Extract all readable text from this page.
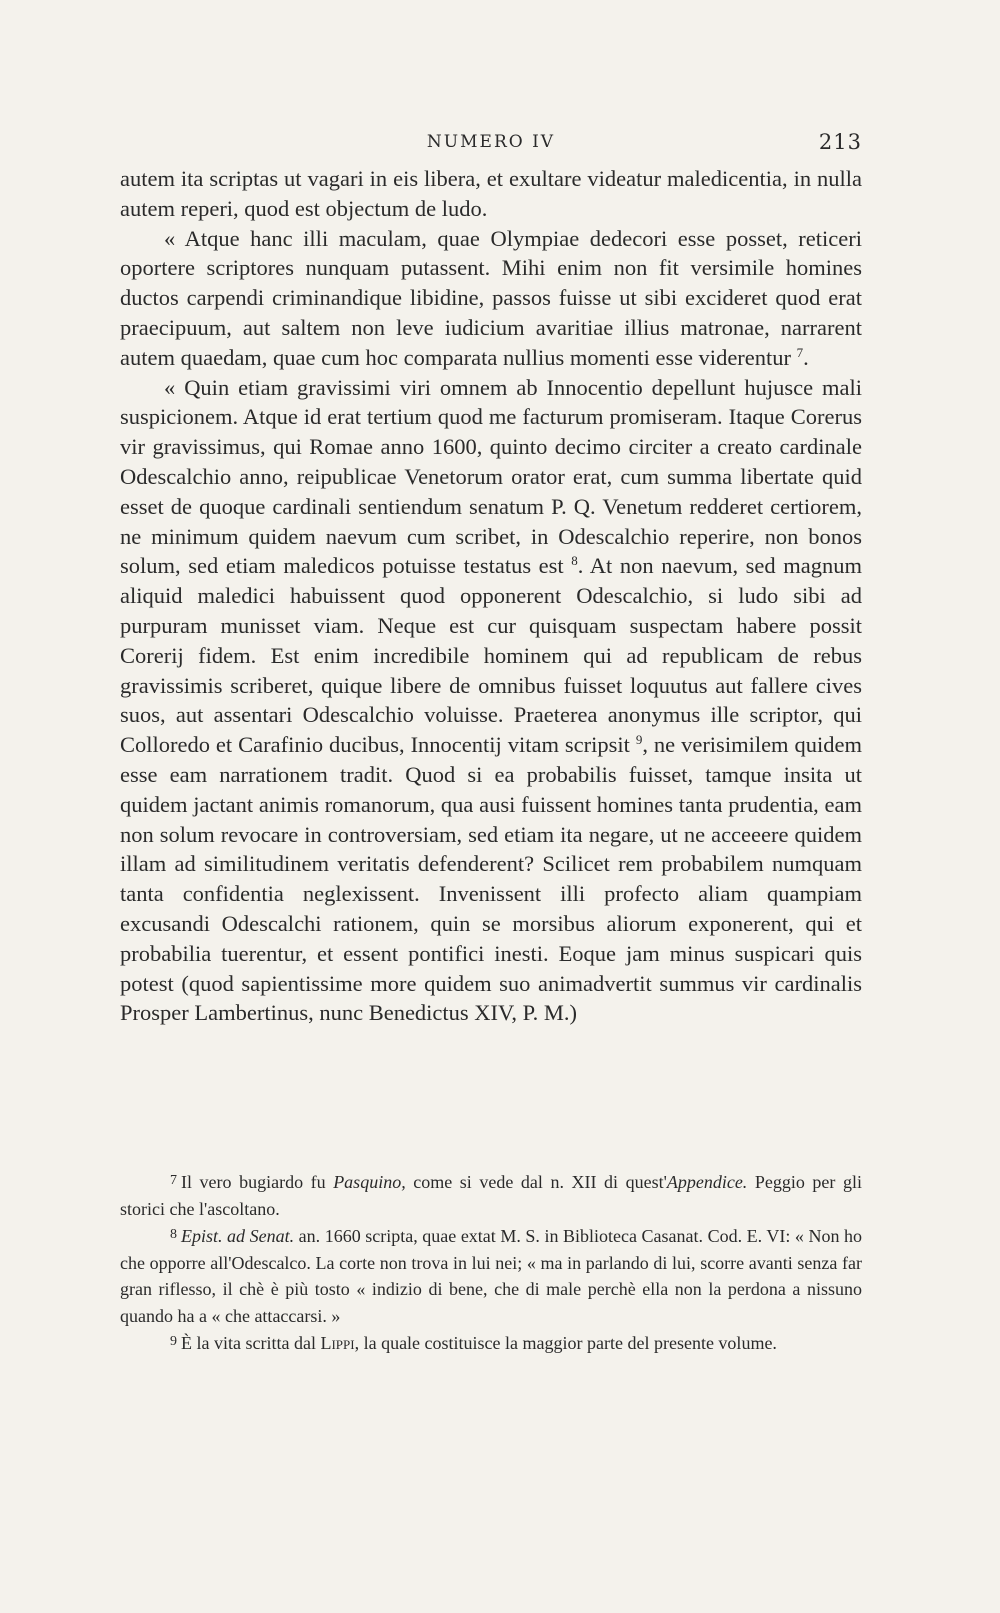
NUMERO IV	213

autem ita scriptas ut vagari in eis libera, et exultare videatur maledicentia, in nulla autem reperi, quod est objectum de ludo.

« Atque hanc illi maculam, quae Olympiae dedecori esse posset, reticeri oportere scriptores nunquam putassent. Mihi enim non fit versimile homines ductos carpendi criminandique libidine, passos fuisse ut sibi excideret quod erat praecipuum, aut saltem non leve iudicium avaritiae illius matronae, narrarent autem quaedam, quae cum hoc comparata nullius momenti esse viderentur $^7$.

« Quin etiam gravissimi viri omnem ab Innocentio depellunt hujusce mali suspicionem. Atque id erat tertium quod me facturum promiseram. Itaque Corerus vir gravissimus, qui Romae anno 1600, quinto decimo circiter a creato cardinale Odescalchio anno, reipublicae Venetorum orator erat, cum summa libertate quid esset de quoque cardinali sentiendum senatum P. Q. Venetum redderet certiorem, ne minimum quidem naevum cum scribet, in Odescalchio reperire, non bonos solum, sed etiam maledicos potuisse testatus est $^8$. At non naevum, sed magnum aliquid maledici habuissent quod opponerent Odescalchio, si ludo sibi ad purpuram munisset viam. Neque est cur quisquam suspectam habere possit Corerij fidem. Est enim incredibile hominem qui ad republicam de rebus gravissimis scriberet, quique libere de omnibus fuisset loquutus aut fallere cives suos, aut assentari Odescalchio voluisse. Praeterea anonymus ille scriptor, qui Colloredo et Carafinio ducibus, Innocentij vitam scripsit $^9$, ne verisimilem quidem esse eam narrationem tradit. Quod si ea probabilis fuisset, tamque insita ut quidem jactant animis romanorum, qua ausi fuissent homines tanta prudentia, eam non solum revocare in controversiam, sed etiam ita negare, ut ne acceeere quidem illam ad similitudinem veritatis defenderent? Scilicet rem probabilem numquam tanta confidentia neglexissent. Invenissent illi profecto aliam quampiam excusandi Odescalchi rationem, quin se morsibus aliorum exponerent, qui et probabilia tuerentur, et essent pontifici inesti. Eoque jam minus suspicari quis potest (quod sapientissime more quidem suo animadvertit summus vir cardinalis Prosper Lambertinus, nunc Benedictus XIV, P. M.)

$^7$ Il vero bugiardo fu Pasquino, come si vede dal n. XII di quest'Appendice. Peggio per gli storici che l'ascoltano.

$^8$ Epist. ad Senat. an. 1660 scripta, quae extat M. S. in Biblioteca Casanat. Cod. E. VI: « Non ho che opporre all'Odescalco. La corte non trova in lui nei; « ma in parlando di lui, scorre avanti senza far gran riflesso, il chè è più tosto « indizio di bene, che di male perchè ella non la perdona a nissuno quando ha a « che attaccarsi. »

$^9$ È la vita scritta dal Lippi, la quale costituisce la maggior parte del presente volume.
